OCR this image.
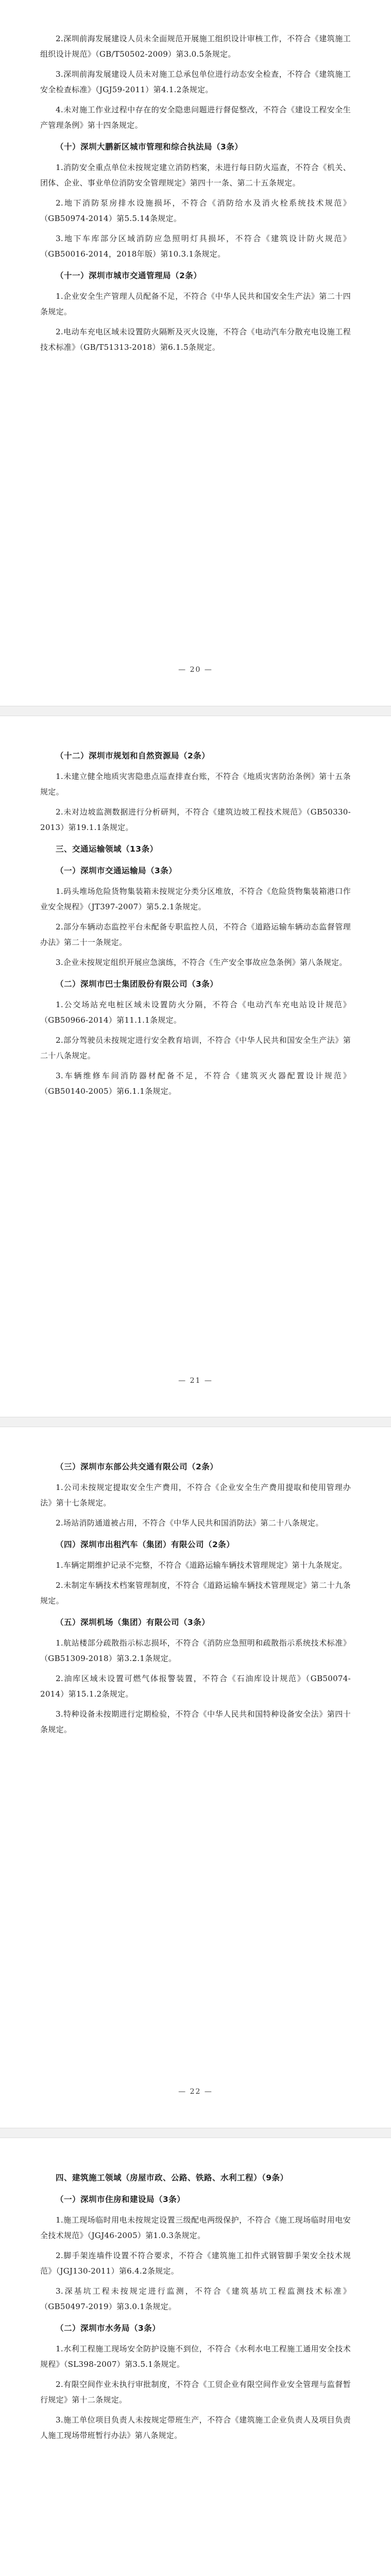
2.深圳前海发展建设人员未全面规范开展施工组织设计审核工作，不符合《建筑施工组织设计规范》（GB/T50502-2009）第3.0.5条规定。

3.深圳前海发展建设人员未对施工总承包单位进行动态安全检查，不符合《建筑施工安全检查标准》（JGJ59-2011）第4.1.2条规定。

4.未对施工作业过程中存在的安全隐患问题进行督促整改，不符合《建设工程安全生产管理条例》第十四条规定。

（十）深圳大鹏新区城市管理和综合执法局（3条）

1.消防安全重点单位未按规定建立消防档案，未进行每日防火巡查，不符合《机关、团体、企业、事业单位消防安全管理规定》第四十一条、第二十五条规定。

2.地下消防泵房排水设施损坏，不符合《消防给水及消火栓系统技术规范》（GB50974-2014）第5.5.14条规定。

3.地下车库部分区域消防应急照明灯具损坏，不符合《建筑设计防火规范》（GB50016-2014，2018年版）第10.3.1条规定。

（十一）深圳市城市交通管理局（2条）

1.企业安全生产管理人员配备不足，不符合《中华人民共和国安全生产法》第二十四条规定。

2.电动车充电区域未设置防火隔断及灭火设施，不符合《电动汽车分散充电设施工程技术标准》（GB/T51313-2018）第6.1.5条规定。

— 20 —
（十二）深圳市规划和自然资源局（2条）

1.未建立健全地质灾害隐患点巡查排查台账，不符合《地质灾害防治条例》第十五条规定。

2.未对边坡监测数据进行分析研判，不符合《建筑边坡工程技术规范》（GB50330-2013）第19.1.1条规定。

三、交通运输领域（13条）
（一）深圳市交通运输局（3条）

1.码头堆场危险货物集装箱未按规定分类分区堆放，不符合《危险货物集装箱港口作业安全规程》（JT397-2007）第5.2.1条规定。

2.部分车辆动态监控平台未配备专职监控人员，不符合《道路运输车辆动态监督管理办法》第二十一条规定。

3.企业未按规定组织开展应急演练，不符合《生产安全事故应急条例》第八条规定。

（二）深圳市巴士集团股份有限公司（3条）

1.公交场站充电桩区域未设置防火分隔，不符合《电动汽车充电站设计规范》（GB50966-2014）第11.1.1条规定。

2.部分驾驶员未按规定进行安全教育培训，不符合《中华人民共和国安全生产法》第二十八条规定。

3.车辆维修车间消防器材配备不足，不符合《建筑灭火器配置设计规范》（GB50140-2005）第6.1.1条规定。

— 21 —
（三）深圳市东部公共交通有限公司（2条）

1.公司未按规定提取安全生产费用，不符合《企业安全生产费用提取和使用管理办法》第十七条规定。

2.场站消防通道被占用，不符合《中华人民共和国消防法》第二十八条规定。

（四）深圳市出租汽车（集团）有限公司（2条）

1.车辆定期维护记录不完整，不符合《道路运输车辆技术管理规定》第十九条规定。

2.未制定车辆技术档案管理制度，不符合《道路运输车辆技术管理规定》第二十九条规定。

（五）深圳机场（集团）有限公司（3条）

1.航站楼部分疏散指示标志损坏，不符合《消防应急照明和疏散指示系统技术标准》（GB51309-2018）第3.2.1条规定。

2.油库区域未设置可燃气体报警装置，不符合《石油库设计规范》（GB50074-2014）第15.1.2条规定。

3.特种设备未按期进行定期检验，不符合《中华人民共和国特种设备安全法》第四十条规定。

— 22 —
四、建筑施工领域（房屋市政、公路、铁路、水利工程）（9条）
（一）深圳市住房和建设局（3条）

1.施工现场临时用电未按规定设置三级配电两级保护，不符合《施工现场临时用电安全技术规范》（JGJ46-2005）第1.0.3条规定。

2.脚手架连墙件设置不符合要求，不符合《建筑施工扣件式钢管脚手架安全技术规范》（JGJ130-2011）第6.4.2条规定。

3.深基坑工程未按规定进行监测，不符合《建筑基坑工程监测技术标准》（GB50497-2019）第3.0.1条规定。

（二）深圳市水务局（3条）

1.水利工程施工现场安全防护设施不到位，不符合《水利水电工程施工通用安全技术规程》（SL398-2007）第3.5.1条规定。

2.有限空间作业未执行审批制度，不符合《工贸企业有限空间作业安全管理与监督暂行规定》第十二条规定。

3.施工单位项目负责人未按规定带班生产，不符合《建筑施工企业负责人及项目负责人施工现场带班暂行办法》第八条规定。
